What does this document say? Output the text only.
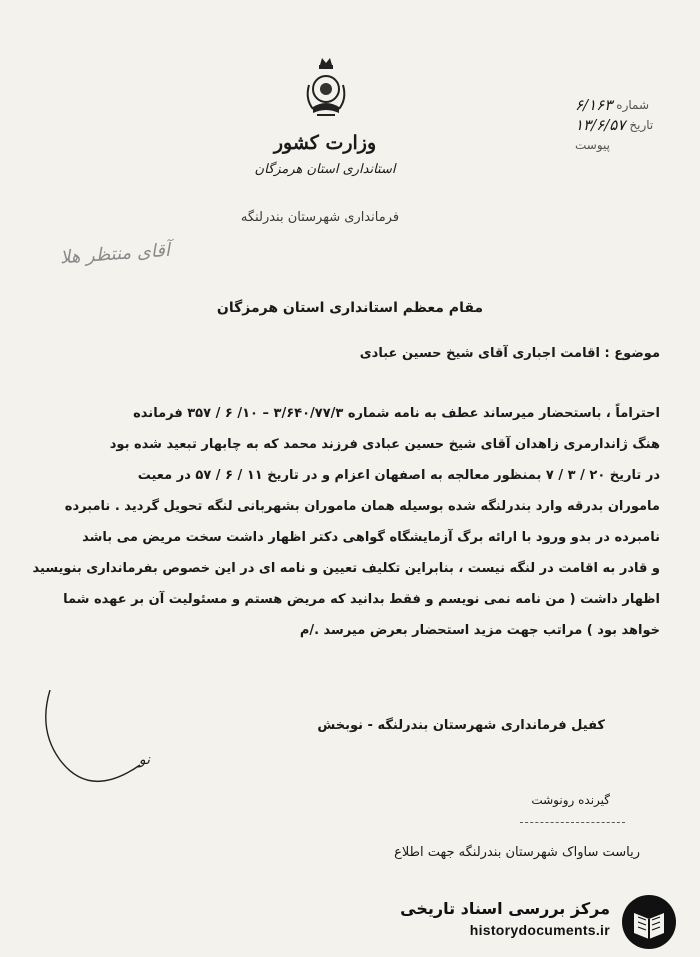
شماره
۶/۱۶۳
تاریخ
۱۳/۶/۵۷
پیوست
وزارت کشور
استانداری استان هرمزگان
فرمانداری شهرستان بندرلنگه
آقای منتظر هلا
مقام معظم استانداری استان هرمزگان
موضوع : اقامت اجباری آقای شیخ حسین عبادی
احتراماً ، باستحضار میرساند عطف به نامه شماره ۳/۶۴۰/۷۷/۳ – ۱۰/ ۶ / ۳۵۷ فرمانده
هنگ ژاندارمری زاهدان آقای شیخ حسین عبادی فرزند محمد که به چابهار تبعید شده بود
در تاریخ ۲۰ / ۳ / ۷ بمنظور معالجه به اصفهان اعزام و در تاریخ ۱۱ / ۶ / ۵۷ در معیت
ماموران بدرقه وارد بندرلنگه شده بوسیله همان ماموران بشهربانی لنگه تحویل گردید . نامبرده
نامبرده در بدو ورود با ارائه برگ آزمایشگاه گواهی دکتر اظهار داشت سخت مریض می باشد
و قادر به اقامت در لنگه نیست ، بنابراین تکلیف تعیین و نامه ای در این خصوص بفرمانداری بنویسید
اظهار داشت ( من نامه نمی نویسم و فقط بدانید که مریض هستم و مسئولیت آن بر عهده شما
خواهد بود ) مراتب جهت مزید استحضار بعرض میرسد ./م
کفیل فرمانداری شهرستان بندرلنگه - نوبخش
نو
گیرنده رونوشت
ریاست ساواک شهرستان بندرلنگه جهت اطلاع
مرکز بررسی اسناد تاریخی
historydocuments.ir
